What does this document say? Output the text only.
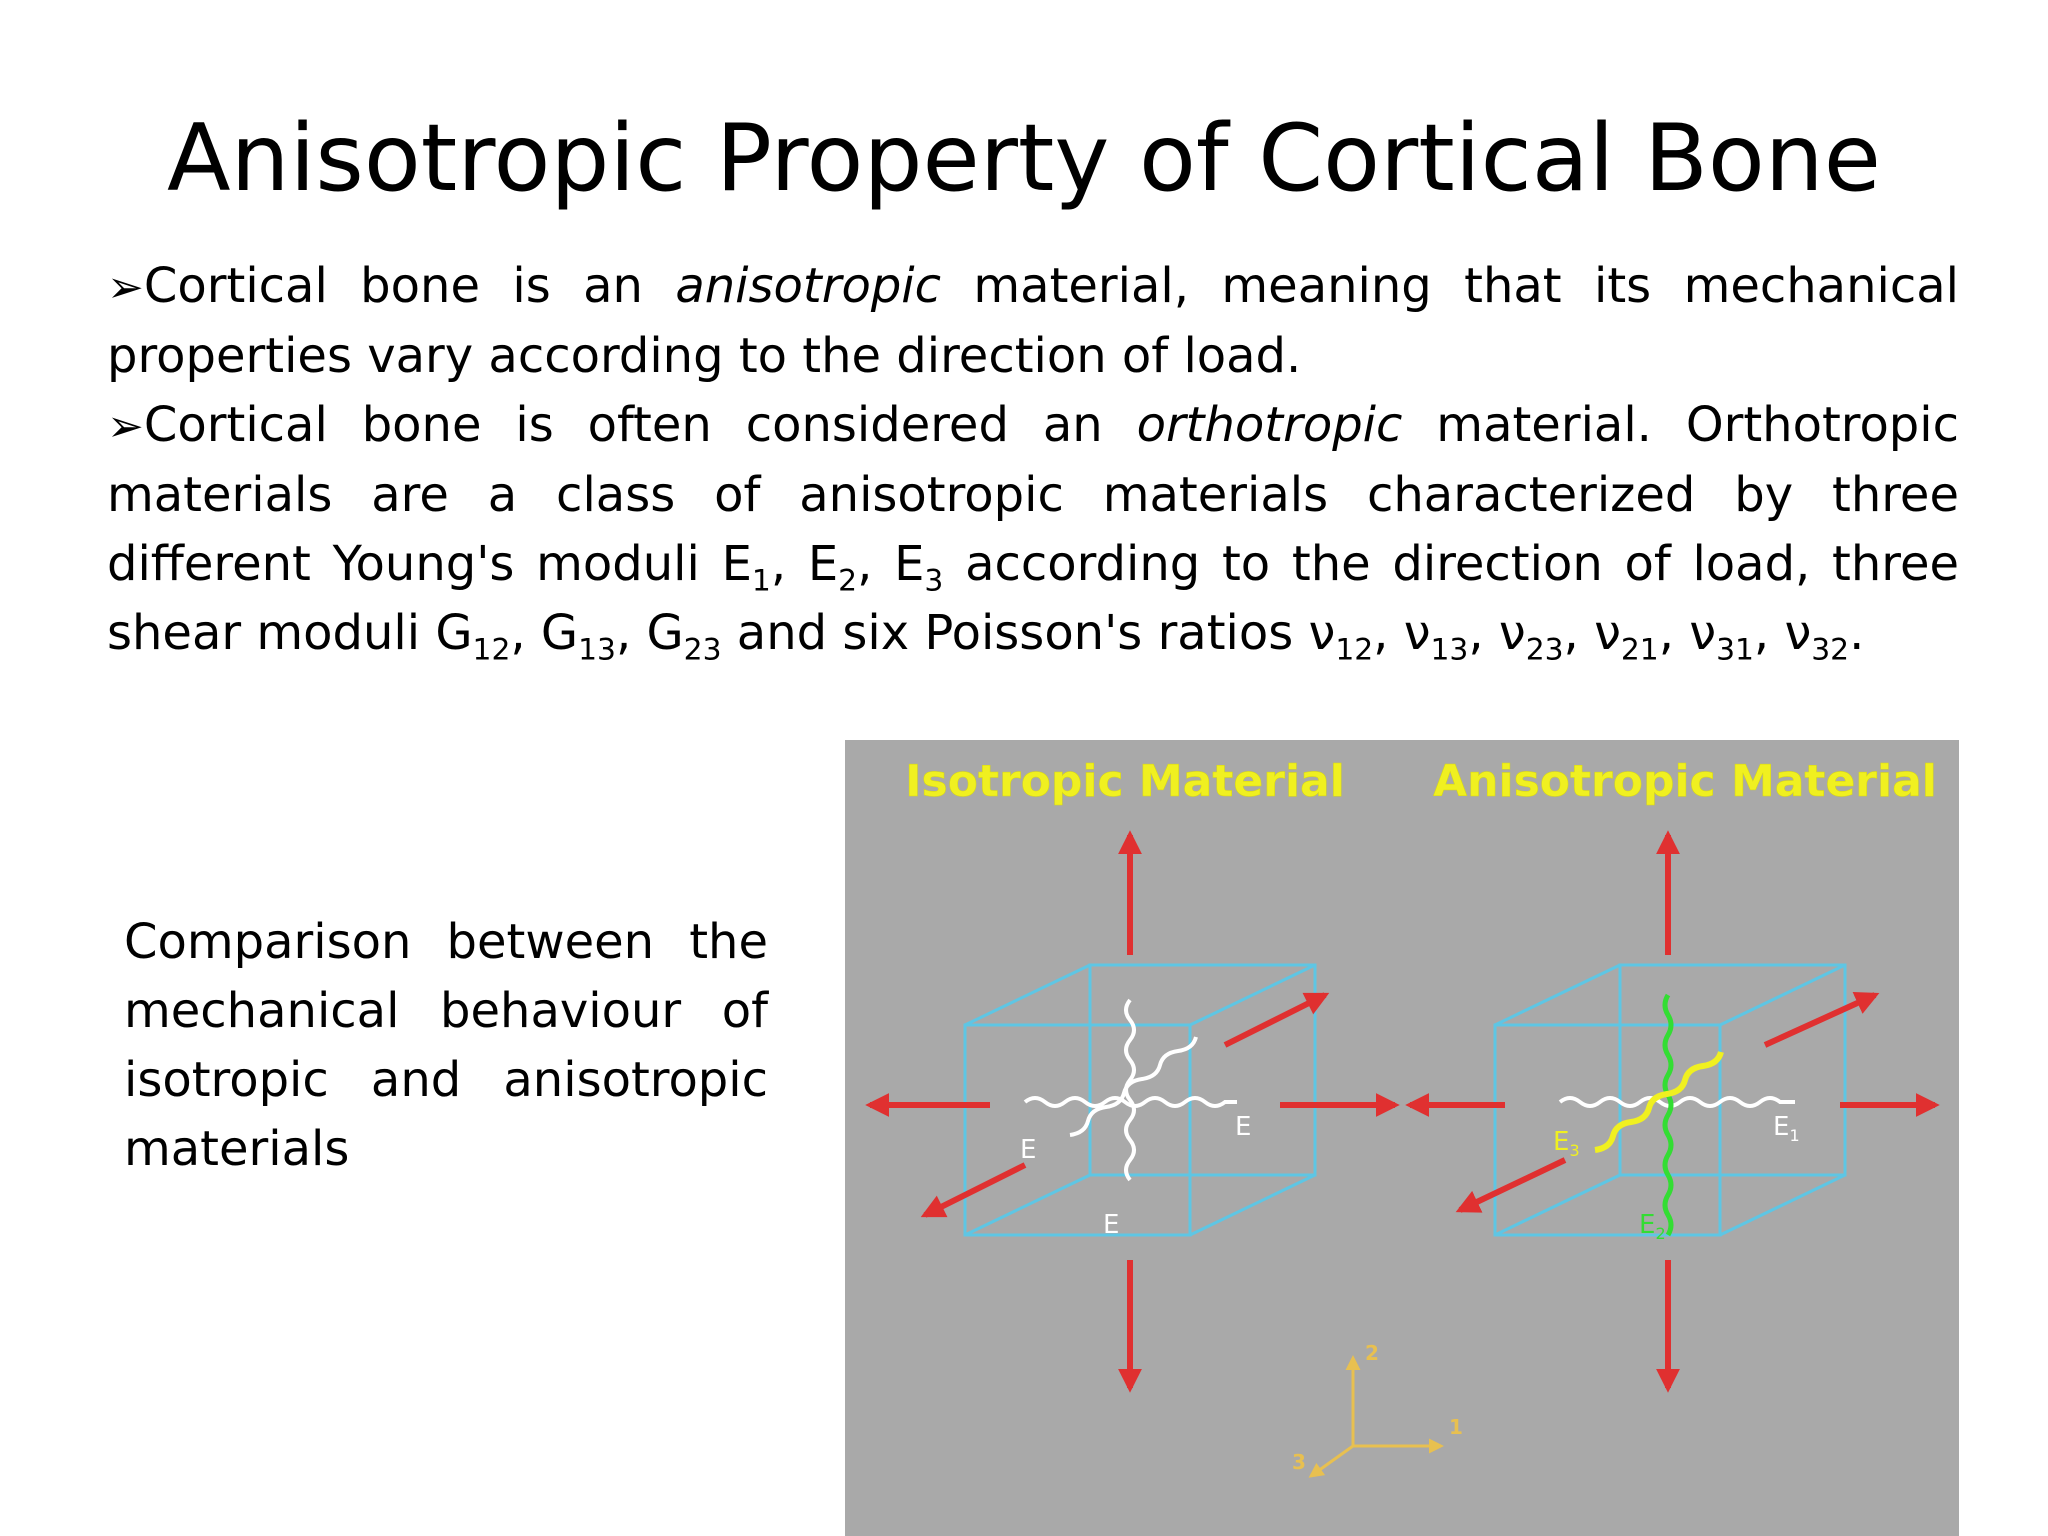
Anisotropic Property of Cortical Bone

➢Cortical bone is an anisotropic material, meaning that its mechanical properties vary according to the direction of load.

➢Cortical bone is often considered an orthotropic material. Orthotropic materials are a class of anisotropic materials characterized by three different Young's moduli $E_1$, $E_2$, $E_3$ according to the direction of load, three shear moduli $G_{12}$, $G_{13}$, $G_{23}$ and six Poisson's ratios $\nu_{12}$, $\nu_{13}$, $\nu_{23}$, $\nu_{21}$, $\nu_{31}$, $\nu_{32}$.

Comparison between the mechanical behaviour of isotropic and anisotropic materials
Isotropic Material Anisotropic Material
E
E
E
$E_3$
$E_1$
$E_2$
1
2
3
